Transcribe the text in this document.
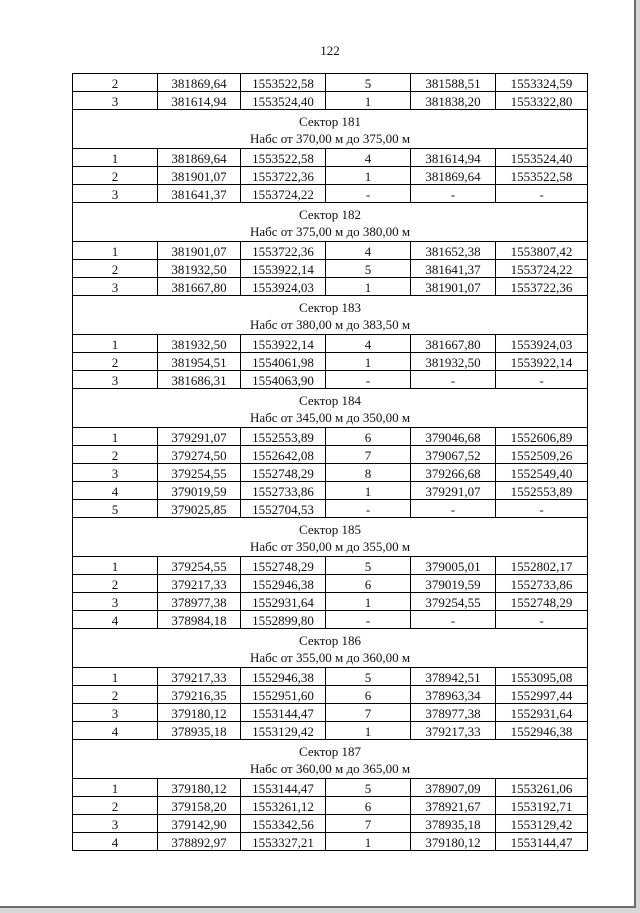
122
2	381869,64	1553522,58	5	381588,51	1553324,59
3	381614,94	1553524,40	1	381838,20	1553322,80

Сектор 181
Набс от 370,00 м до 375,00 м					

1	381869,64	1553522,58	4	381614,94	1553524,40
2	381901,07	1553722,36	1	381869,64	1553522,58
3	381641,37	1553724,22	-	-	-

Сектор 182
Набс от 375,00 м до 380,00 м					

1	381901,07	1553722,36	4	381652,38	1553807,42
2	381932,50	1553922,14	5	381641,37	1553724,22
3	381667,80	1553924,03	1	381901,07	1553722,36

Сектор 183
Набс от 380,00 м до 383,50 м					

1	381932,50	1553922,14	4	381667,80	1553924,03
2	381954,51	1554061,98	1	381932,50	1553922,14
3	381686,31	1554063,90	-	-	-

Сектор 184
Набс от 345,00 м до 350,00 м					

1	379291,07	1552553,89	6	379046,68	1552606,89
2	379274,50	1552642,08	7	379067,52	1552509,26
3	379254,55	1552748,29	8	379266,68	1552549,40
4	379019,59	1552733,86	1	379291,07	1552553,89
5	379025,85	1552704,53	-	-	-

Сектор 185
Набс от 350,00 м до 355,00 м					

1	379254,55	1552748,29	5	379005,01	1552802,17
2	379217,33	1552946,38	6	379019,59	1552733,86
3	378977,38	1552931,64	1	379254,55	1552748,29
4	378984,18	1552899,80	-	-	-

Сектор 186
Набс от 355,00 м до 360,00 м					

1	379217,33	1552946,38	5	378942,51	1553095,08
2	379216,35	1552951,60	6	378963,34	1552997,44
3	379180,12	1553144,47	7	378977,38	1552931,64
4	378935,18	1553129,42	1	379217,33	1552946,38

Сектор 187
Набс от 360,00 м до 365,00 м					

1	379180,12	1553144,47	5	378907,09	1553261,06
2	379158,20	1553261,12	6	378921,67	1553192,71
3	379142,90	1553342,56	7	378935,18	1553129,42
4	378892,97	1553327,21	1	379180,12	1553144,47
